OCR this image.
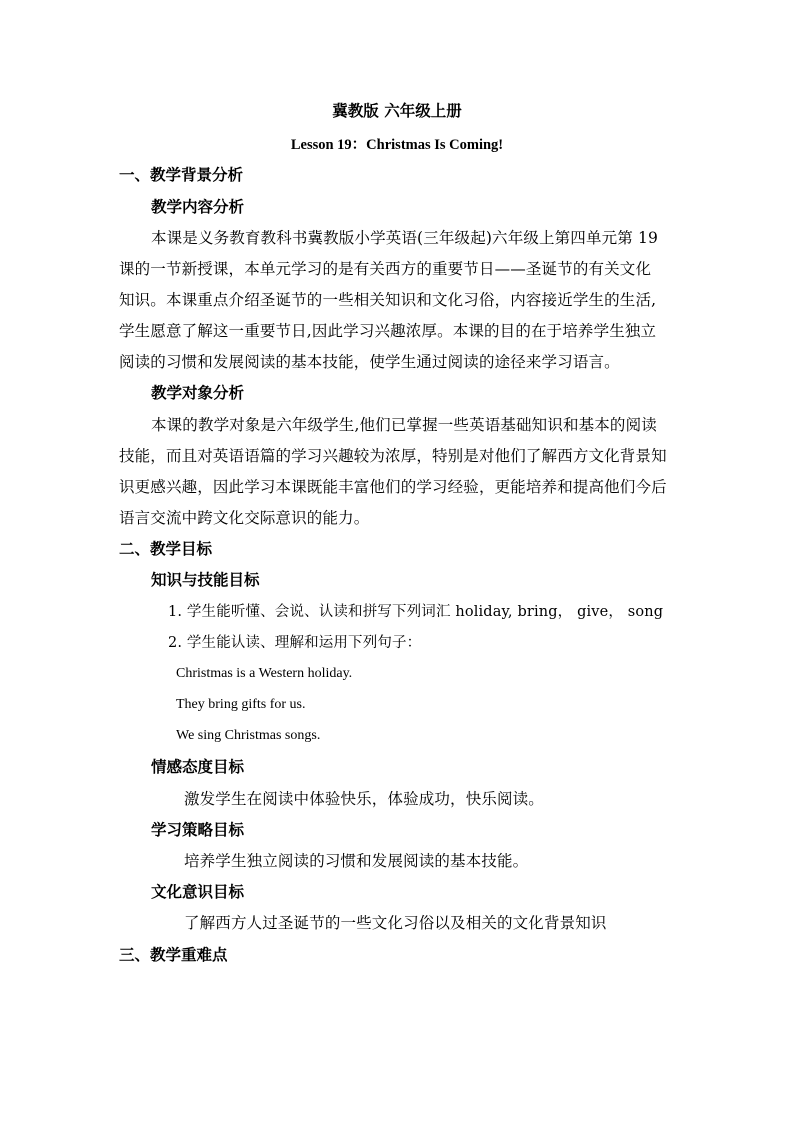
冀教版 六年级上册
Lesson 19：Christmas Is Coming!
一、教学背景分析
教学内容分析
本课是义务教育教科书冀教版小学英语(三年级起)六年级上第四单元第 19
课的一节新授课，本单元学习的是有关西方的重要节日——圣诞节的有关文化
知识。本课重点介绍圣诞节的一些相关知识和文化习俗，内容接近学生的生活,
学生愿意了解这一重要节日,因此学习兴趣浓厚。本课的目的在于培养学生独立
阅读的习惯和发展阅读的基本技能，使学生通过阅读的途径来学习语言。
教学对象分析
本课的教学对象是六年级学生,他们已掌握一些英语基础知识和基本的阅读
技能，而且对英语语篇的学习兴趣较为浓厚，特别是对他们了解西方文化背景知
识更感兴趣，因此学习本课既能丰富他们的学习经验，更能培养和提高他们今后
语言交流中跨文化交际意识的能力。
二、教学目标
知识与技能目标
1. 学生能听懂、会说、认读和拼写下列词汇 holiday, bring， give， song
2. 学生能认读、理解和运用下列句子：
Christmas is a Western holiday.
They bring gifts for us.
We sing Christmas songs.
情感态度目标
激发学生在阅读中体验快乐，体验成功，快乐阅读。
学习策略目标
培养学生独立阅读的习惯和发展阅读的基本技能。
文化意识目标
了解西方人过圣诞节的一些文化习俗以及相关的文化背景知识
三、教学重难点
